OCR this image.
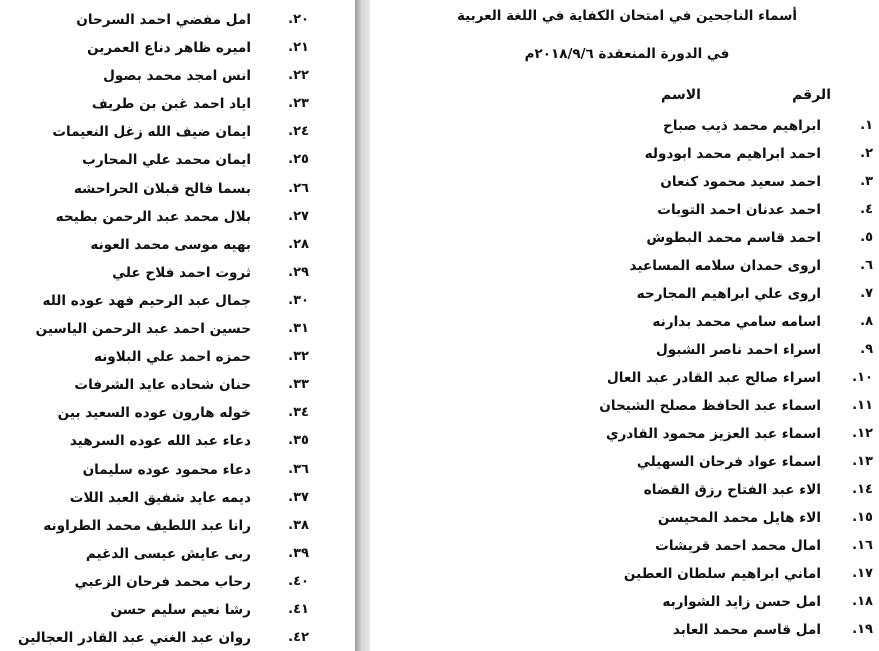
٢٠.
امل مفضي احمد السرحان
٢١.
اميره ظاهر دناع العمرين
٢٢.
انس امجد محمد بصول
٢٣.
اياد احمد غبن بن طريف
٢٤.
ايمان ضيف الله زغل النعيمات
٢٥.
ايمان محمد علي المحارب
٢٦.
بسما فالح قبلان الحراحشه
٢٧.
بلال محمد عبد الرحمن بطيحه
٢٨.
بهيه موسى محمد العونه
٢٩.
ثروت احمد فلاح علي
٣٠.
جمال عبد الرحيم فهد عوده الله
٣١.
حسين احمد عبد الرحمن الياسين
٣٢.
حمزه احمد علي البلاونه
٣٣.
حنان شحاده عايد الشرفات
٣٤.
خوله هارون عوده السعيد بين
٣٥.
دعاء عبد الله عوده السرهيد
٣٦.
دعاء محمود عوده سليمان
٣٧.
ديمه عايد شفيق العبد اللات
٣٨.
رانا عبد اللطيف محمد الطراونه
٣٩.
ربى عايش عيسى الدغيم
٤٠.
رحاب محمد فرحان الزعبي
٤١.
رشا نعيم سليم حسن
٤٢.
روان عبد الغني عبد القادر العجالين
أسماء الناجحين في امتحان الكفاية في اللغة العربية
في الدورة المنعقدة ٢٠١٨/٩/٦م
الرقم
الاسم
١.
ابراهيم محمد ذيب صباح
٢.
احمد ابراهيم محمد ابودوله
٣.
احمد سعيد محمود كنعان
٤.
احمد عدنان احمد التوبات
٥.
احمد قاسم محمد البطوش
٦.
اروى حمدان سلامه المساعيد
٧.
اروى علي ابراهيم المجارحه
٨.
اسامه سامي محمد بدارنه
٩.
اسراء احمد ناصر الشبول
١٠.
اسراء صالح عبد القادر عبد العال
١١.
اسماء عبد الحافظ مصلح الشيحان
١٢.
اسماء عبد العزيز محمود القادري
١٣.
اسماء عواد فرحان السهيلي
١٤.
الاء عبد الفتاح رزق القضاه
١٥.
الاء هايل محمد المحيسن
١٦.
امال محمد احمد قريشات
١٧.
اماني ابراهيم سلطان العطين
١٨.
امل حسن زايد الشواربه
١٩.
امل قاسم محمد العابد
